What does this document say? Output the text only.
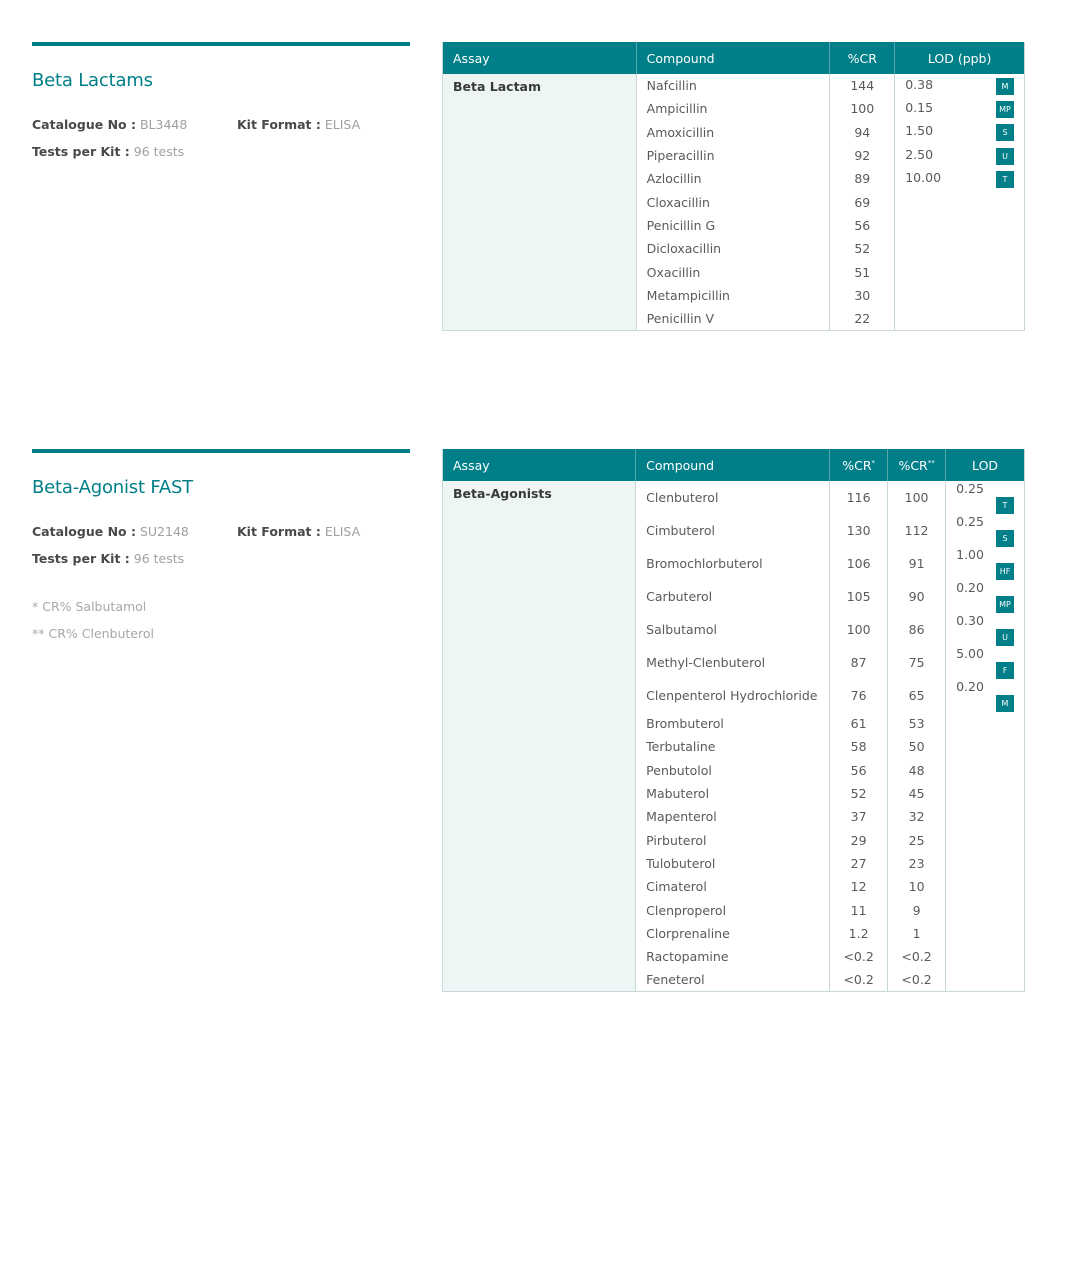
Beta Lactams
Catalogue No : BL3448	Kit Format : ELISA
Tests per Kit : 96 tests
Assay	Compound	%CR	LOD (ppb)
Beta Lactam	Nafcillin	144	0.38 M

	Ampicillin	100	0.15 MP

	Amoxicillin	94	1.50 S

	Piperacillin	92	2.50 U

	Azlocillin	89	10.00 T

	Cloxacillin	69	
	Penicillin G	56	
	Dicloxacillin	52	
	Oxacillin	51	
	Metampicillin	30	
	Penicillin V	22	
Beta-Agonist FAST
Catalogue No : SU2148	Kit Format : ELISA
Tests per Kit : 96 tests
* CR% Salbutamol
** CR% Clenbuterol
Assay	Compound	%CR*	%CR**	LOD
Beta-Agonists	Clenbuterol	116	100	0.25
T

	Cimbuterol	130	112	0.25
S

	Bromochlorbuterol	106	91	1.00
HF

	Carbuterol	105	90	0.20
MP

	Salbutamol	100	86	0.30
U

	Methyl-Clenbuterol	87	75	5.00
F

	Clenpenterol Hydrochloride	76	65	0.20
M

	Brombuterol	61	53	
	Terbutaline	58	50	
	Penbutolol	56	48	
	Mabuterol	52	45	
	Mapenterol	37	32	
	Pirbuterol	29	25	
	Tulobuterol	27	23	
	Cimaterol	12	10	
	Clenproperol	11	9	
	Clorprenaline	1.2	1	
	Ractopamine	<0.2	<0.2	
	Feneterol	<0.2	<0.2	
